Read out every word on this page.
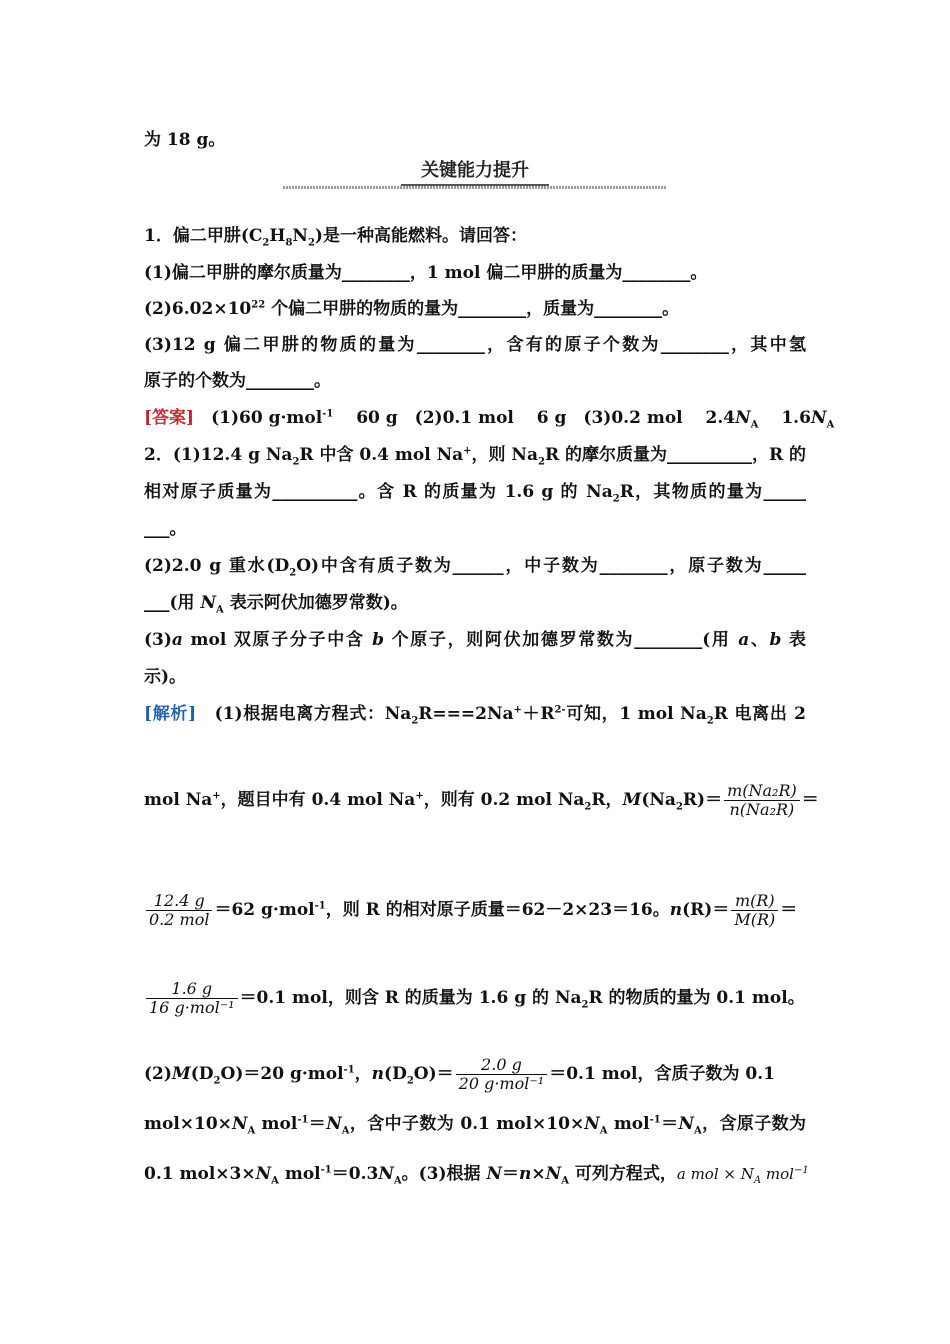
为 18 g。
关键能力提升
1．偏二甲肼$(C_2H_8N_2)$是一种高能燃料。请回答：
(1)偏二甲肼的摩尔质量为________，1 mol 偏二甲肼的质量为________。
$(2)6.02\times 10^{22}$ 个偏二甲肼的物质的量为________，质量为________。
(3)12 g 偏二甲肼的物质的量为________，含有的原子个数为________，其中氢
原子的个数为________。
[答案]　(1)60 g·mol$^{-1}$　 60 g　(2)0.1 mol　 6 g　(3)0.2 mol　 $2.4N_A$　 $1.6N_A$
2．(1)12.4 g $Na_2R$ 中含 0.4 mol Na+，则 $Na_2R$ 的摩尔质量为__________，R 的
相对原子质量为__________。含 R 的质量为 1.6 g 的 $Na_2R$，其物质的量为_____
___。
(2)2.0 g 重水$(D_2O)$中含有质子数为______，中子数为________，原子数为_____
___(用 $N_A$ 表示阿伏加德罗常数)。
(3)a mol 双原子分子中含 b 个原子，则阿伏加德罗常数为________(用 a、b 表
示)。
[解析]　(1)根据电离方程式：$Na_2R===2Na^++R^{2-}$可知，1 mol $Na_2R$ 电离出 2
mol Na+，题目中有 0.4 mol Na+，则有 0.2 mol $Na_2R$，$M(Na_2R)= \frac{\text{m(Na₂R)}}{\text{n(Na₂R)}}$ ＝
$\frac{12.4 g}{\text{0.2 mol}} =62$ g·mol$^{-1}$，则 R 的相对原子质量＝62－2×23＝16。$n(R)= \frac{m(R)}{M(R)}$ ＝
$\frac{1.6 g}{\text{16 g·mol⁻¹}} =0.1$ mol，则含 R 的质量为 1.6 g 的 $Na_2R$ 的物质的量为 0.1 mol。
$(2)M(D_2O)=20$ g·mol$^{-1}$，$n(D_2O)= \frac{2.0 g}{\text{20 g·mol⁻¹}} =0.1$ mol，含质子数为 0.1
$mol\times 10\times N_A$ $mol^{-1}=N_A$，含中子数为 0.1 $mol\times 10\times N_A$ $mol^{-1}=N_A$，含原子数为
0.1 $mol\times 3\times N_A$ $mol^{-1}=0.3N_A$。(3)根据 $N=n\times N_A$ 可列方程式，a mol × $N_A$ mol$^{-1}$
